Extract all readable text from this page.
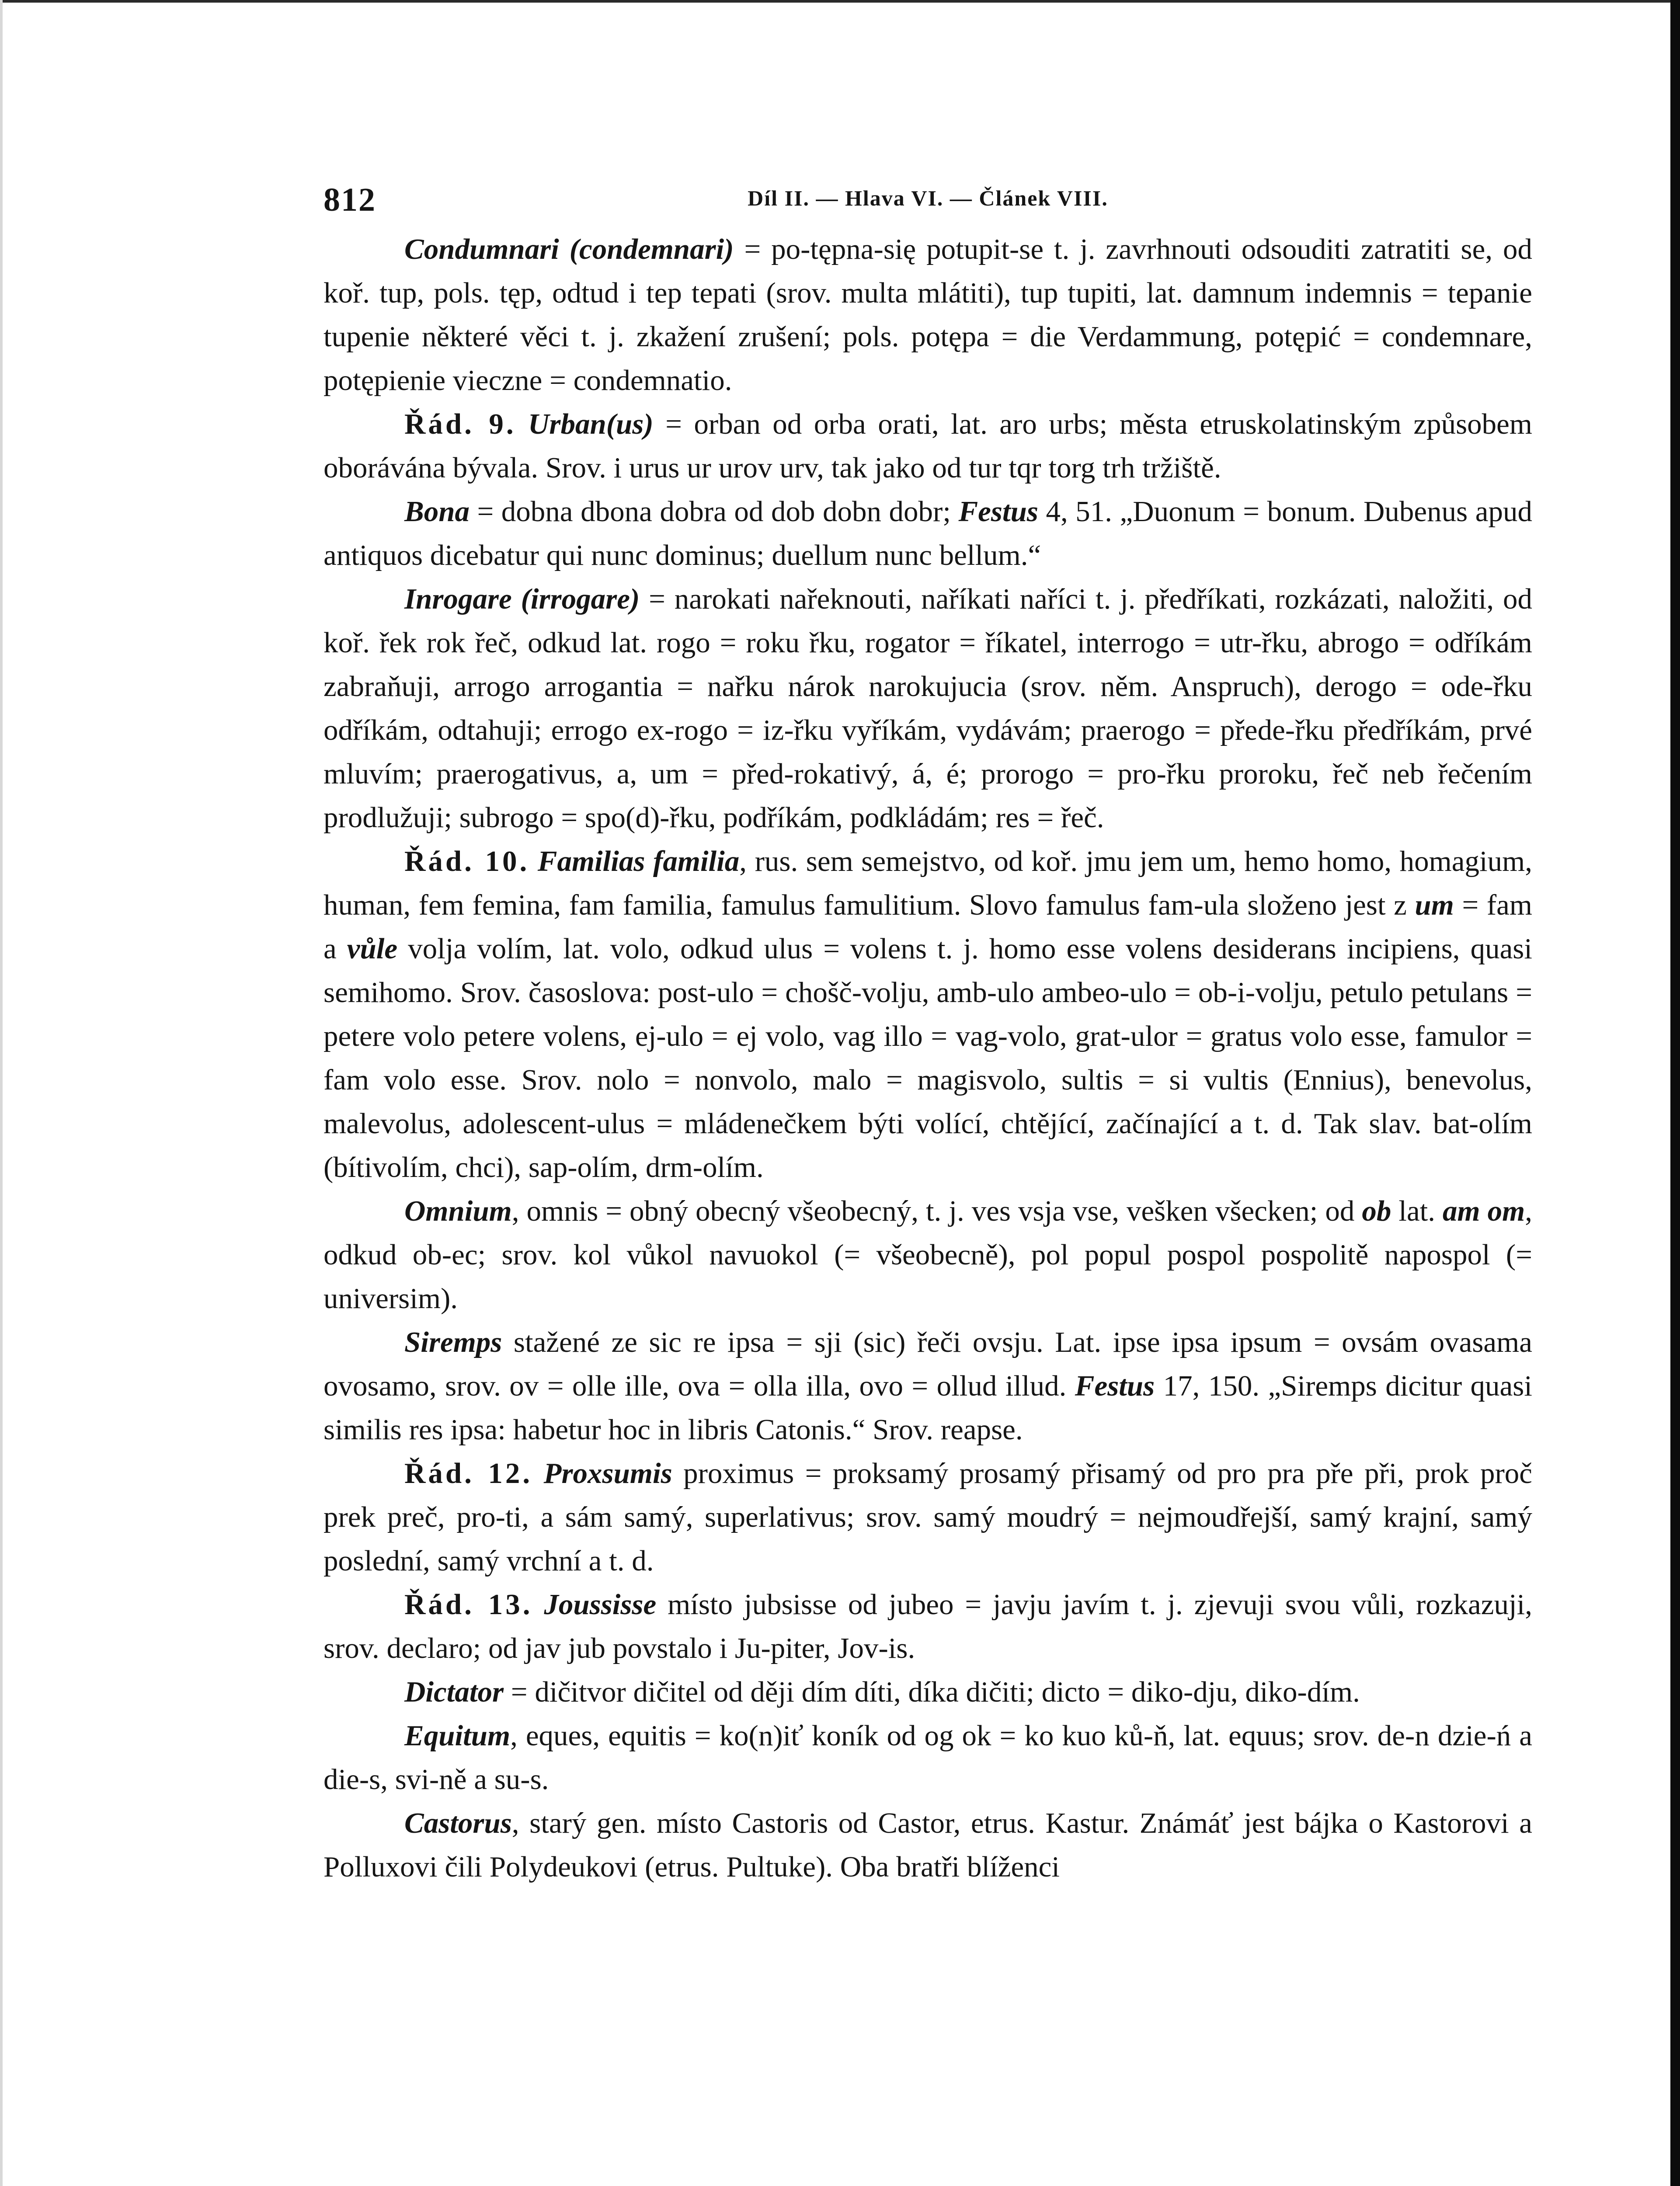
812	Díl II. — Hlava VI. — Článek VIII.

Condumnari (condemnari) = po-tępna-się potupit-se t. j. zavrhnouti odsouditi zatratiti se, od koř. tup, pols. tęp, odtud i tep tepati (srov. multa mlátiti), tup tupiti, lat. damnum indemnis = tepanie tupenie některé věci t. j. zkažení zrušení; pols. potępa = die Verdammung, potępić = condemnare, potępienie vieczne = condemnatio.

Řád. 9. Urban(us) = orban od orba orati, lat. aro urbs; města etruskolatinským způsobem oborávána bývala. Srov. i urus ur urov urv, tak jako od tur tqr torg trh tržiště.

Bona = dobna dbona dobra od dob dobn dobr; Festus 4, 51. „Duonum = bonum. Dubenus apud antiquos dicebatur qui nunc dominus; duellum nunc bellum.“

Inrogare (irrogare) = narokati nařeknouti, naříkati naříci t. j. předříkati, rozkázati, naložiti, od koř. řek rok řeč, odkud lat. rogo = roku řku, rogator = říkatel, interrogo = utr-řku, abrogo = odříkám zabraňuji, arrogo arrogantia = nařku nárok narokujucia (srov. něm. Anspruch), derogo = ode-řku odříkám, odtahuji; errogo ex-rogo = iz-řku vyříkám, vydávám; praerogo = přede-řku předříkám, prvé mluvím; praerogativus, a, um = před-rokativý, á, é; prorogo = pro-řku proroku, řeč neb řečením prodlužuji; subrogo = spo(d)-řku, podříkám, podkládám; res = řeč.

Řád. 10. Familias familia, rus. sem semejstvo, od koř. jmu jem um, hemo homo, homagium, human, fem femina, fam familia, famulus famulitium. Slovo famulus fam-ula složeno jest z um = fam a vůle volja volím, lat. volo, odkud ulus = volens t. j. homo esse volens desiderans incipiens, quasi semihomo. Srov. časoslova: post-ulo = chošč-volju, amb-ulo ambeo-ulo = ob-i-volju, petulo petulans = petere volo petere volens, ej-ulo = ej volo, vag illo = vag-volo, grat-ulor = gratus volo esse, famulor = fam volo esse. Srov. nolo = nonvolo, malo = magisvolo, sultis = si vultis (Ennius), benevolus, malevolus, adolescent-ulus = mládenečkem býti volící, chtějící, začínající a t. d. Tak slav. bat-olím (bítivolím, chci), sap-olím, drm-olím.

Omnium, omnis = obný obecný všeobecný, t. j. ves vsja vse, vešken všecken; od ob lat. am om, odkud ob-ec; srov. kol vůkol navuokol (= všeobecně), pol popul pospol pospolitě napospol (= universim).

Siremps stažené ze sic re ipsa = sji (sic) řeči ovsju. Lat. ipse ipsa ipsum = ovsám ovasama ovosamo, srov. ov = olle ille, ova = olla illa, ovo = ollud illud. Festus 17, 150. „Siremps dicitur quasi similis res ipsa: habetur hoc in libris Catonis.“ Srov. reapse.

Řád. 12. Proxsumis proximus = proksamý prosamý přisamý od pro pra pře při, prok proč prek preč, pro-ti, a sám samý, superlativus; srov. samý moudrý = nejmoudřejší, samý krajní, samý poslední, samý vrchní a t. d.

Řád. 13. Joussisse místo jubsisse od jubeo = javju javím t. j. zjevuji svou vůli, rozkazuji, srov. declaro; od jav jub povstalo i Ju-piter, Jov-is.

Dictator = dičitvor dičitel od ději dím díti, díka dičiti; dicto = diko-dju, diko-dím.

Equitum, eques, equitis = ko(n)iť koník od og ok = ko kuo ků-ň, lat. equus; srov. de-n dzie-ń a die-s, svi-ně a su-s.

Castorus, starý gen. místo Castoris od Castor, etrus. Kastur. Známáť jest bájka o Kastorovi a Polluxovi čili Polydeukovi (etrus. Pultuke). Oba bratři blíženci
